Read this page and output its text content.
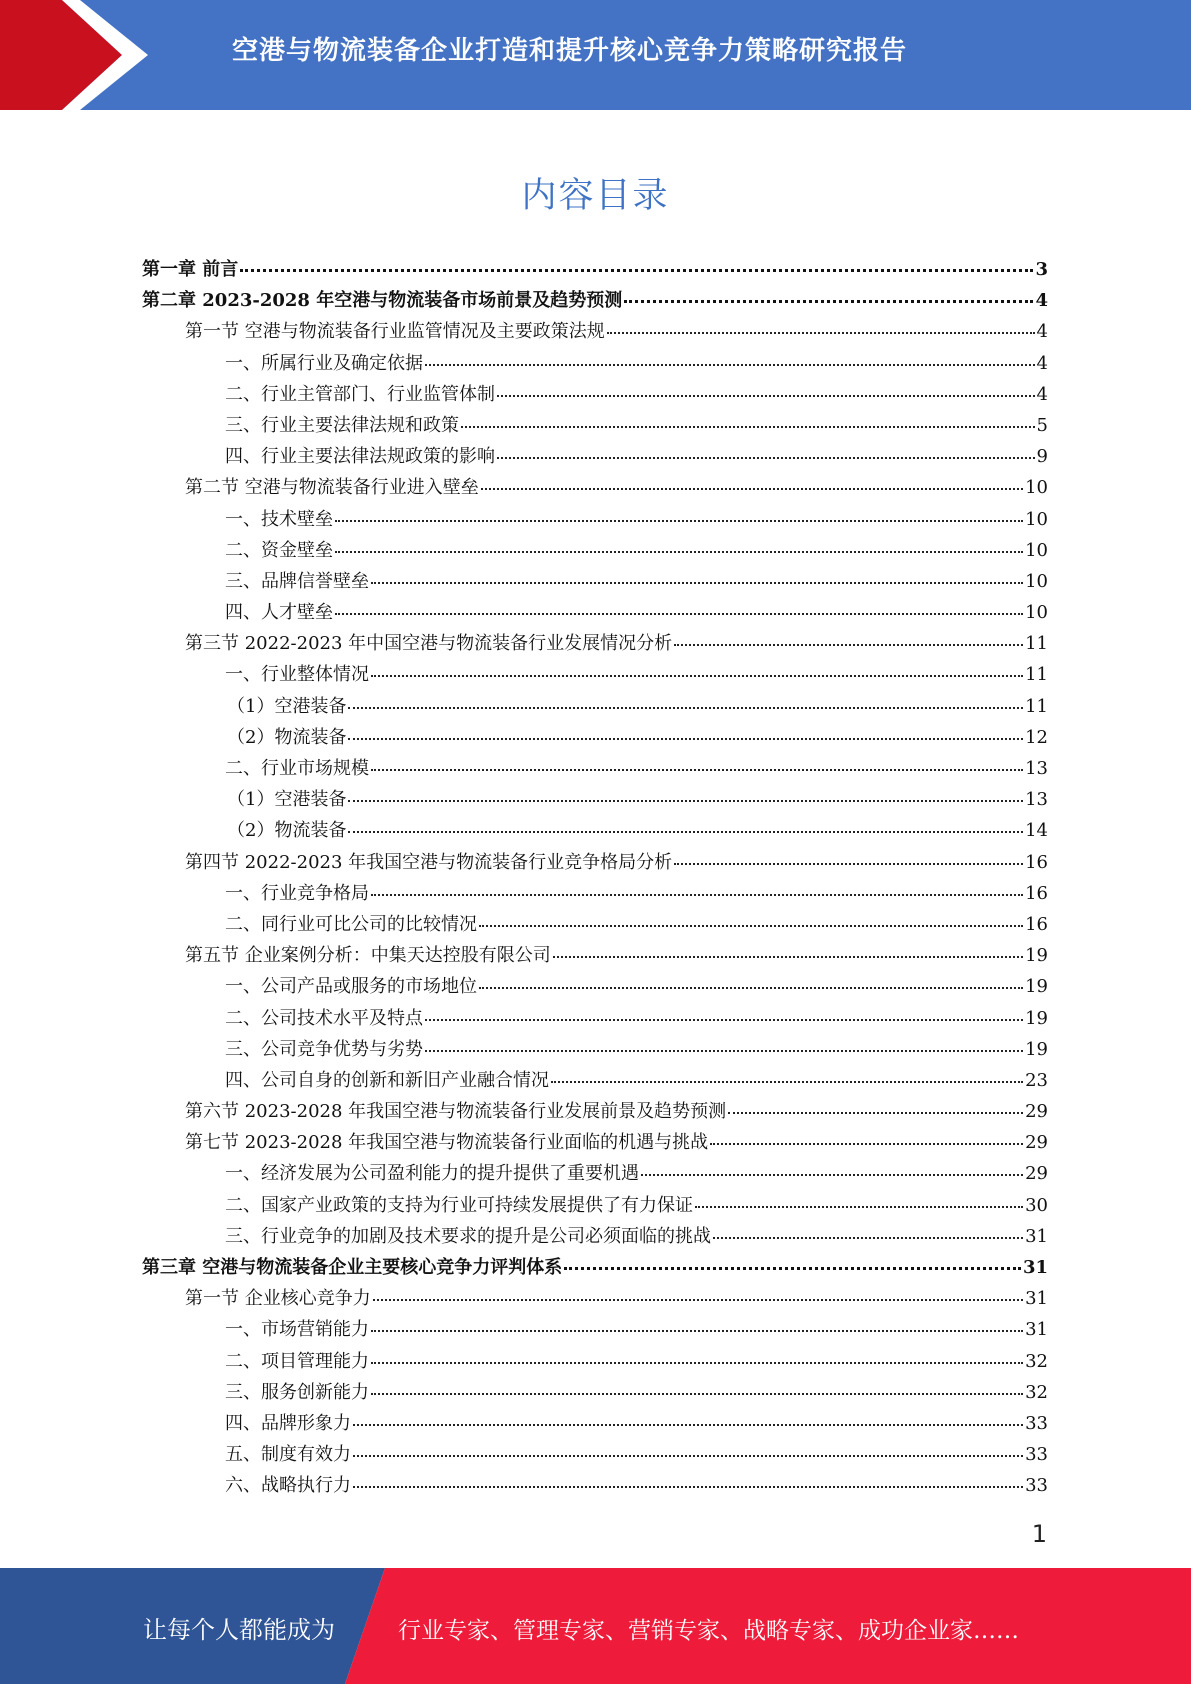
空港与物流装备企业打造和提升核心竞争力策略研究报告
内容目录
第一章 前言	3
第二章 2023-2028 年空港与物流装备市场前景及趋势预测	4
第一节 空港与物流装备行业监管情况及主要政策法规	4
一、所属行业及确定依据	4
二、行业主管部门、行业监管体制	4
三、行业主要法律法规和政策	5
四、行业主要法律法规政策的影响	9
第二节 空港与物流装备行业进入壁垒	10
一、技术壁垒	10
二、资金壁垒	10
三、品牌信誉壁垒	10
四、人才壁垒	10
第三节 2022-2023 年中国空港与物流装备行业发展情况分析	11
一、行业整体情况	11
（1）空港装备	11
（2）物流装备	12
二、行业市场规模	13
（1）空港装备	13
（2）物流装备	14
第四节 2022-2023 年我国空港与物流装备行业竞争格局分析	16
一、行业竞争格局	16
二、同行业可比公司的比较情况	16
第五节 企业案例分析：中集天达控股有限公司	19
一、公司产品或服务的市场地位	19
二、公司技术水平及特点	19
三、公司竞争优势与劣势	19
四、公司自身的创新和新旧产业融合情况	23
第六节 2023-2028 年我国空港与物流装备行业发展前景及趋势预测	29
第七节 2023-2028 年我国空港与物流装备行业面临的机遇与挑战	29
一、经济发展为公司盈利能力的提升提供了重要机遇	29
二、国家产业政策的支持为行业可持续发展提供了有力保证	30
三、行业竞争的加剧及技术要求的提升是公司必须面临的挑战	31
第三章 空港与物流装备企业主要核心竞争力评判体系	31
第一节 企业核心竞争力	31
一、市场营销能力	31
二、项目管理能力	32
三、服务创新能力	32
四、品牌形象力	33
五、制度有效力	33
六、战略执行力	33
1
让每个人都能成为	行业专家、管理专家、营销专家、战略专家、成功企业家……
